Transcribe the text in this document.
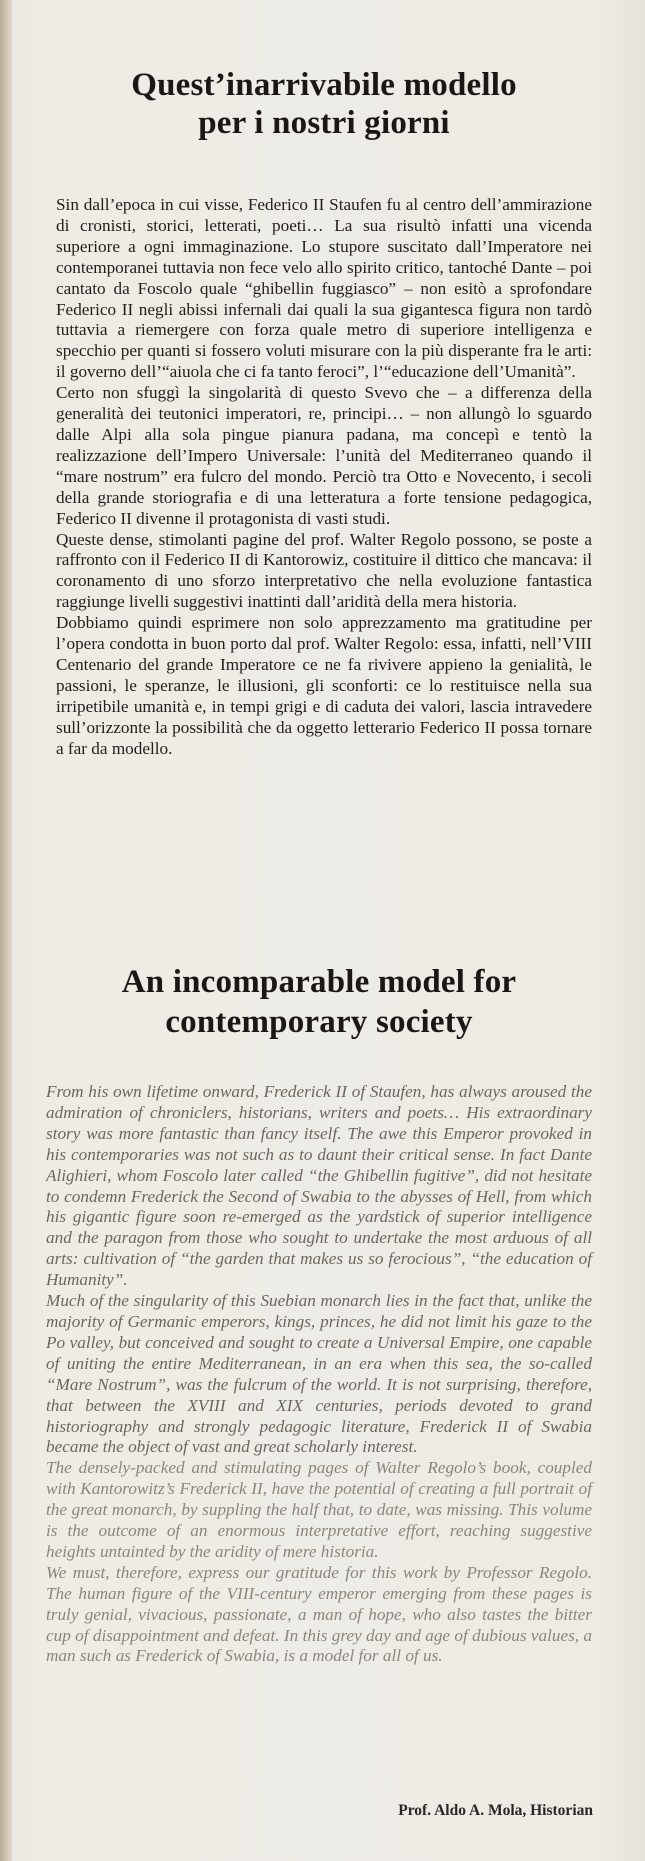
Quest’inarrivabile modello
per i nostri giorni

Sin dall’epoca in cui visse, Federico II Staufen fu al centro dell’ammirazione di cronisti, storici, letterati, poeti… La sua risultò infatti una vicenda superiore a ogni immaginazione. Lo stupore suscitato dall’Imperatore nei contemporanei tuttavia non fece velo allo spirito critico, tantoché Dante – poi cantato da Foscolo quale “ghibellin fuggiasco” – non esitò a sprofondare Federico II negli abissi infernali dai quali la sua gigantesca figura non tardò tuttavia a riemergere con forza quale metro di superiore intelligenza e specchio per quanti si fossero voluti misurare con la più disperante fra le arti: il governo dell’“aiuola che ci fa tanto feroci”, l’“educazione dell’Umanità”.

Certo non sfuggì la singolarità di questo Svevo che – a differenza della generalità dei teutonici imperatori, re, principi… – non allungò lo sguardo dalle Alpi alla sola pingue pianura padana, ma concepì e tentò la realizzazione dell’Impero Universale: l’unità del Mediterraneo quando il “mare nostrum” era fulcro del mondo. Perciò tra Otto e Novecento, i secoli della grande storiografia e di una letteratura a forte tensione pedagogica, Federico II divenne il protagonista di vasti studi.

Queste dense, stimolanti pagine del prof. Walter Regolo possono, se poste a raffronto con il Federico II di Kantorowiz, costituire il dittico che mancava: il coronamento di uno sforzo interpretativo che nella evoluzione fantastica raggiunge livelli suggestivi inattinti dall’aridità della mera historia.

Dobbiamo quindi esprimere non solo apprezzamento ma gratitudine per l’opera condotta in buon porto dal prof. Walter Regolo: essa, infatti, nell’VIII Centenario del grande Imperatore ce ne fa rivivere appieno la genialità, le passioni, le speranze, le illusioni, gli sconforti: ce lo restituisce nella sua irripetibile umanità e, in tempi grigi e di caduta dei valori, lascia intravedere sull’orizzonte la possibilità che da oggetto letterario Federico II possa tornare a far da modello.

An incomparable model for
contemporary society

From his own lifetime onward, Frederick II of Staufen, has always aroused the admiration of chroniclers, historians, writers and poets… His extraordinary story was more fantastic than fancy itself. The awe this Emperor provoked in his contemporaries was not such as to daunt their critical sense. In fact Dante Alighieri, whom Foscolo later called “the Ghibellin fugitive”, did not hesitate to condemn Frederick the Second of Swabia to the abysses of Hell, from which his gigantic figure soon re-emerged as the yardstick of superior intelligence and the paragon from those who sought to undertake the most arduous of all arts: cultivation of “the garden that makes us so ferocious”, “the education of Humanity”.

Much of the singularity of this Suebian monarch lies in the fact that, unlike the majority of Germanic emperors, kings, princes, he did not limit his gaze to the Po valley, but conceived and sought to create a Universal Empire, one capable of uniting the entire Mediterranean, in an era when this sea, the so-called “Mare Nostrum”, was the fulcrum of the world. It is not surprising, therefore, that between the XVIII and XIX centuries, periods devoted to grand historiography and strongly pedagogic literature, Frederick II of Swabia became the object of vast and great scholarly interest.

The densely-packed and stimulating pages of Walter Regolo’s book, coupled with Kantorowitz’s Frederick II, have the potential of creating a full portrait of the great monarch, by suppling the half that, to date, was missing. This volume is the outcome of an enormous interpretative effort, reaching suggestive heights untainted by the aridity of mere historia.

We must, therefore, express our gratitude for this work by Professor Regolo. The human figure of the VIII-century emperor emerging from these pages is truly genial, vivacious, passionate, a man of hope, who also tastes the bitter cup of disappointment and defeat. In this grey day and age of dubious values, a man such as Frederick of Swabia, is a model for all of us.

Prof. Aldo A. Mola, Historian
